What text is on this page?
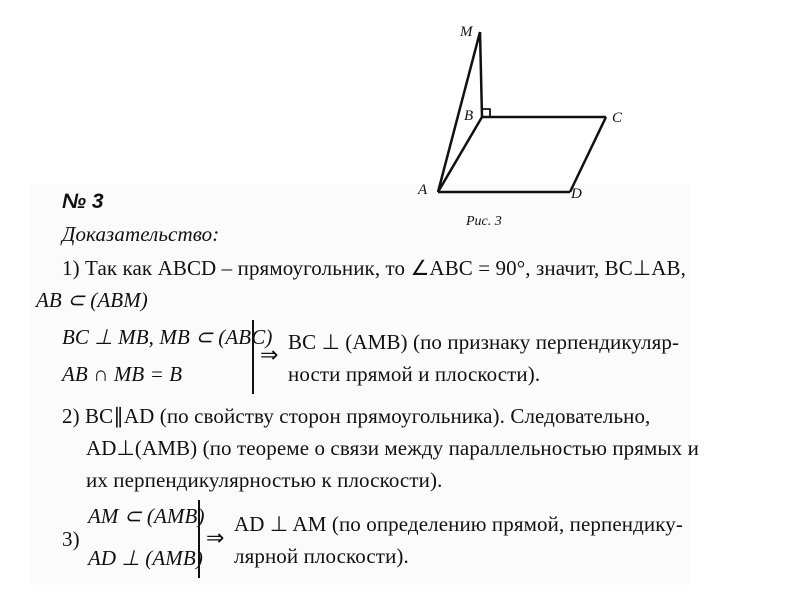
M
B	C
A	D
Рис. 3
№ 3
Доказательство:
1) Так как ABCD – прямоугольник, то ∠ABC = 90°, значит, BC⊥AB,
AB ⊂ (ABM)
BC ⊥ MB, MB ⊂ (ABC)
AB ∩ MB = B
⇒ BC ⊥ (AMB) (по признаку перпендикуляр-
ности прямой и плоскости).
2) BC∥AD (по свойству сторон прямоугольника). Следовательно,
AD⊥(AMB) (по теореме о связи между параллельностью прямых и
их перпендикулярностью к плоскости).
3)
AM ⊂ (AMB)
AD ⊥ (AMB)
⇒
AD ⊥ AM (по определению прямой, перпендику-
лярной плоскости).
